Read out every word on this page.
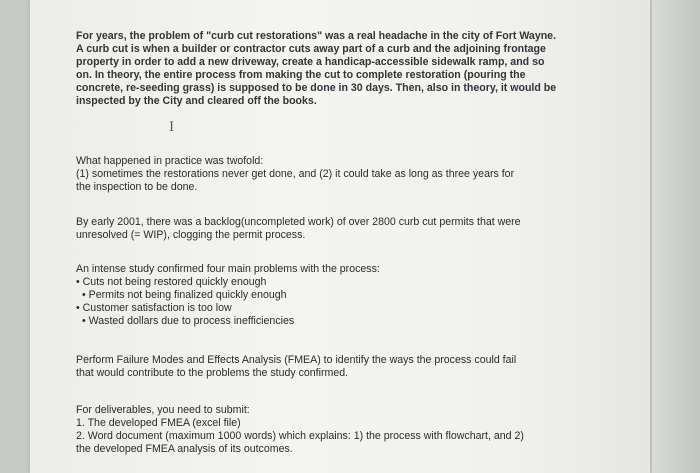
For years, the problem of "curb cut restorations" was a real headache in the city of Fort Wayne.
A curb cut is when a builder or contractor cuts away part of a curb and the adjoining frontage
property in order to add a new driveway, create a handicap-accessible sidewalk ramp, and so
on. In theory, the entire process from making the cut to complete restoration (pouring the
concrete, re-seeding grass) is supposed to be done in 30 days. Then, also in theory, it would be
inspected by the City and cleared off the books.
I
What happened in practice was twofold:
(1) sometimes the restorations never get done, and (2) it could take as long as three years for
the inspection to be done.
By early 2001, there was a backlog(uncompleted work) of over 2800 curb cut permits that were
unresolved (= WIP), clogging the permit process.
An intense study confirmed four main problems with the process:
• Cuts not being restored quickly enough
• Permits not being finalized quickly enough
• Customer satisfaction is too low
• Wasted dollars due to process inefficiencies
Perform Failure Modes and Effects Analysis (FMEA) to identify the ways the process could fail
that would contribute to the problems the study confirmed.
For deliverables, you need to submit:
1. The developed FMEA (excel file)
2. Word document (maximum 1000 words) which explains: 1) the process with flowchart, and 2)
the developed FMEA analysis of its outcomes.
